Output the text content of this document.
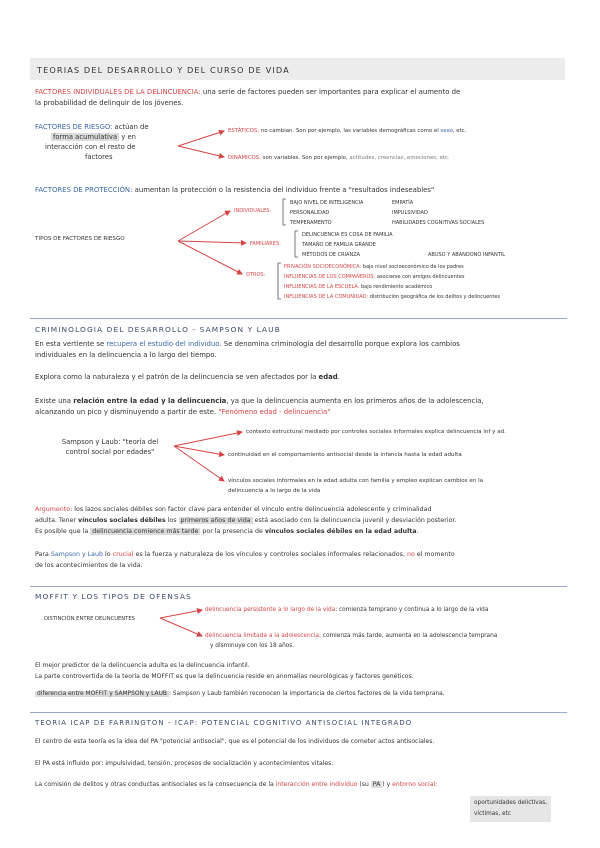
TEORIAS DEL DESARROLLO Y DEL CURSO DE VIDA
FACTORES INDIVIDUALES DE LA DELINCUENCIA: una serie de factores pueden ser importantes para explicar el aumento de
la probabilidad de delinquir de los jóvenes.
FACTORES DE RIESGO: actúan de
forma acumulativa y en
interacción con el resto de
factores
ESTÁTICOS: no cambian. Son por ejemplo, las variables demográficas como el sexo, etc.
DINÁMICOS: son variables. Son por ejemplo, actitudes, creencias, emociones, etc.
FACTORES DE PROTECCIÓN: aumentan la protección o la resistencia del individuo frente a "resultados indeseables"
TIPOS DE FACTORES DE RIESGO
INDIVIDUALES:
BAJO NIVEL DE INTELIGENCIA	EMPATÍA
PERSONALIDAD	IMPULSIVIDAD
TEMPERAMENTO	HABILIDADES COGNITIVAS SOCIALES
FAMILIARES:
DELINCUENCIA ES COSA DE FAMILIA
TAMAÑO DE FAMILIA GRANDE
MÉTODOS DE CRIANZA	ABUSO Y ABANDONO INFANTIL
OTROS:
PRIVACIÓN SOCIOECONÓMICA: bajo nivel socioeconómico de los padres
INFLUENCIAS DE LOS COMPAÑEROS: asociarse con amigos delincuentes
INFLUENCIAS DE LA ESCUELA: bajo rendimiento académico
INFLUENCIAS DE LA COMUNIDAD: distribución geográfica de los delitos y delincuentes
CRIMINOLOGIA DEL DESARROLLO - SAMPSON Y LAUB
En esta vertiente se recupera el estudio del individuo. Se denomina criminología del desarrollo porque explora los cambios
individuales en la delincuencia a lo largo del tiempo.
Explora como la naturaleza y el patrón de la delincuencia se ven afectados por la edad.
Existe una relación entre la edad y la delincuencia, ya que la delincuencia aumenta en los primeros años de la adolescencia,
alcanzando un pico y disminuyendo a partir de este. "Fenómeno edad - delincuencia"
Sampson y Laub: "teoría del
control social por edades"
contexto estructural mediado por controles sociales informales explica delincuencia inf y ad.
continuidad en el comportamiento antisocial desde la infancia hasta la edad adulta
vínculos sociales informales en la edad adulta con familia y empleo explican cambios en la
delincuencia a lo largo de la vida
Argumento: los lazos sociales débiles son factor clave para entender el vínculo entre delincuencia adolescente y criminalidad
adulta. Tener vínculos sociales débiles los primeros años de vida está asociado con la delincuencia juvenil y desviación posterior.
Es posible que la delincuencia comience más tarde por la presencia de vínculos sociales débiles en la edad adulta.
Para Sampson y Laub lo crucial es la fuerza y naturaleza de los vínculos y controles sociales informales relacionados, no el momento
de los acontecimientos de la vida.
MOFFIT Y LOS TIPOS DE OFENSAS
DISTINCIÓN ENTRE DELINCUENTES
delincuencia persistente a lo largo de la vida: comienza temprano y continua a lo largo de la vida
delincuencia limitada a la adolescencia: comienza más tarde, aumenta en la adolescencia temprana
y disminuye con los 18 años.
El mejor predictor de la delincuencia adulta es la delincuencia infantil.
La parte controvertida de la teoría de MOFFIT es que la delincuencia reside en anomalías neurológicas y factores genéticos.
diferencia entre MOFFIT y SAMPSON y LAUB : Sampson y Laub también reconocen la importancia de ciertos factores de la vida temprana.
TEORIA ICAP DE FARRINGTON - ICAP: POTENCIAL COGNITIVO ANTISOCIAL INTEGRADO
El centro de esta teoría es la idea del PA "potencial antisocial", que es el potencial de los individuos de cometer actos antisociales.
El PA está influido por: impulsividad, tensión, procesos de socialización y acontecimientos vitales.
La comisión de delitos y otras conductas antisociales es la consecuencia de la interacción entre individuo (su PA ) y entorno social:
oportunidades delictivas,
víctimas, etc
